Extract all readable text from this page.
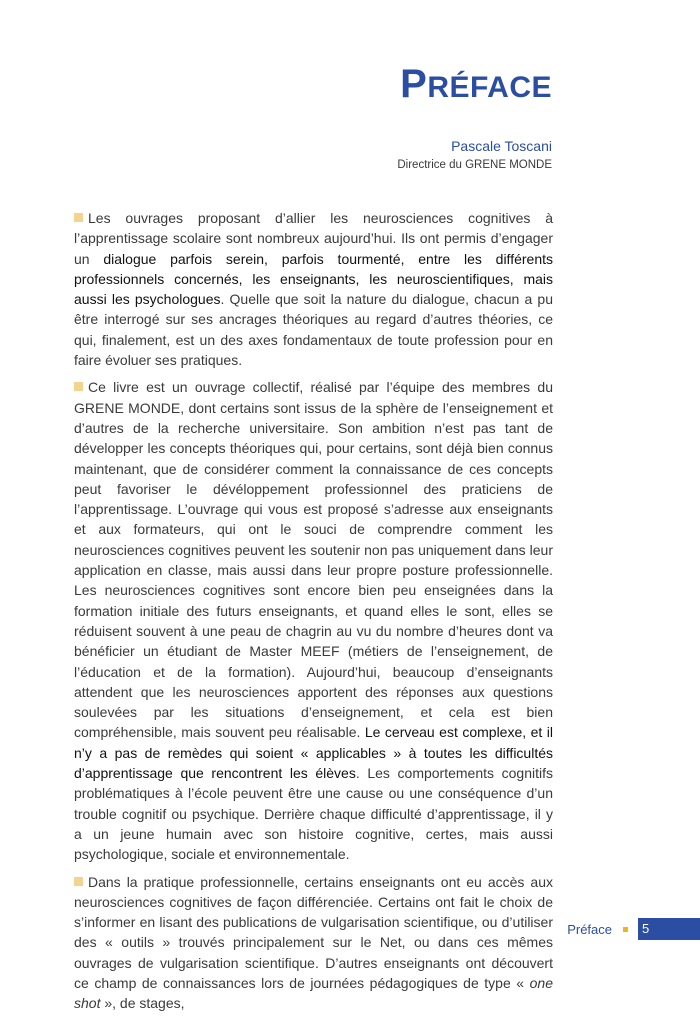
PRÉFACE
Pascale Toscani
Directrice du GRENE MONDE

Les ouvrages proposant d’allier les neurosciences cognitives à l’apprentissage scolaire sont nombreux aujourd’hui. Ils ont permis d’engager un dialogue parfois serein, parfois tourmenté, entre les différents professionnels concernés, les enseignants, les neuroscientifiques, mais aussi les psychologues. Quelle que soit la nature du dialogue, chacun a pu être interrogé sur ses ancrages théoriques au regard d’autres théories, ce qui, finalement, est un des axes fondamentaux de toute profession pour en faire évoluer ses pratiques.

Ce livre est un ouvrage collectif, réalisé par l’équipe des membres du GRENE MONDE, dont certains sont issus de la sphère de l’enseignement et d’autres de la recherche universitaire. Son ambition n’est pas tant de développer les concepts théoriques qui, pour certains, sont déjà bien connus maintenant, que de considérer comment la connaissance de ces concepts peut favoriser le dévéloppement professionnel des praticiens de l’apprentissage. L’ouvrage qui vous est proposé s’adresse aux enseignants et aux formateurs, qui ont le souci de comprendre comment les neurosciences cognitives peuvent les soutenir non pas uniquement dans leur application en classe, mais aussi dans leur propre posture professionnelle. Les neurosciences cognitives sont encore bien peu enseignées dans la formation initiale des futurs enseignants, et quand elles le sont, elles se réduisent souvent à une peau de chagrin au vu du nombre d’heures dont va bénéficier un étudiant de Master MEEF (métiers de l’enseignement, de l’éducation et de la formation). Aujourd’hui, beaucoup d’enseignants attendent que les neurosciences apportent des réponses aux questions soulevées par les situations d’enseignement, et cela est bien compréhensible, mais souvent peu réalisable. Le cerveau est complexe, et il n’y a pas de remèdes qui soient « applicables » à toutes les difficultés d’apprentissage que rencontrent les élèves. Les comportements cognitifs problématiques à l’école peuvent être une cause ou une conséquence d’un trouble cognitif ou psychique. Derrière chaque difficulté d’apprentissage, il y a un jeune humain avec son histoire cognitive, certes, mais aussi psychologique, sociale et environnementale.

Dans la pratique professionnelle, certains enseignants ont eu accès aux neurosciences cognitives de façon différenciée. Certains ont fait le choix de s’informer en lisant des publications de vulgarisation scientifique, ou d’utiliser des « outils » trouvés principalement sur le Net, ou dans ces mêmes ouvrages de vulgarisation scientifique. D’autres enseignants ont découvert ce champ de connaissances lors de journées pédagogiques de type « one shot », de stages,

Préface	5
